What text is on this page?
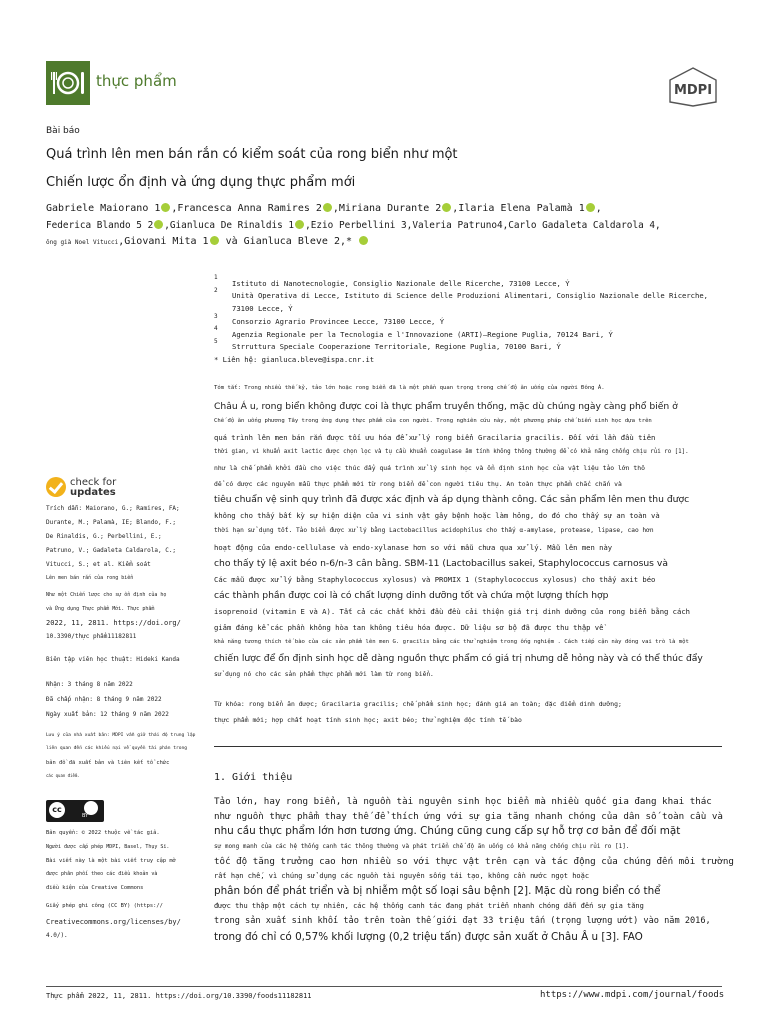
thực phẩm
MDPI
Bài báo
Quá trình lên men bán rắn có kiểm soát của rong biển như một
Chiến lược ổn định và ứng dụng thực phẩm mới
Gabriele Maiorano 1 ,Francesca Anna Ramires 2 ,Miriana Durante 2 ,Ilaria Elena Palamà 1 ,
Federica Blando 5 2 ,Gianluca De Rinaldis 1 ,Ezio Perbellini 3,Valeria Patruno4,Carlo Gadaleta Caldarola 4,
ông già Noel Vitucci,Giovani Mita 1 và Gianluca Bleve 2,*
1
Istituto di Nanotecnologie, Consiglio Nazionale delle Ricerche, 73100 Lecce, Ý
2
Unità Operativa di Lecce, Istituto di Science delle Produzioni Alimentari, Consiglio Nazionale delle Ricerche,
73100 Lecce, Ý
3
Consorzio Agrario Provincee Lecce, 73100 Lecce, Ý
4
Agenzia Regionale per la Tecnologia e l'Innovazione (ARTI)—Regione Puglia, 70124 Bari, Ý
5
Strruttura Speciale Cooperazione Territoriale, Regione Puglia, 70100 Bari, Ý
* Liên hệ: gianluca.bleve@ispa.cnr.it
check for
updates
Trích dẫn: Maiorano, G.; Ramires, FA;
Durante, M.; Palamà, IE; Blando, F.;
De Rinaldis, G.; Perbellini, E.;
Patruno, V.; Gadaleta Caldarola, C.;
Vitucci, S.; et al. Kiểm soát
Lên men bán rắn của rong biển
Như một Chiến lược cho sự ổn định của họ
và Ứng dụng Thực phẩm Mới. Thực phẩm
2022, 11, 2811. https://doi.org/
10.3390/thực phẩm11182811
Biên tập viên học thuật: Hideki Kanda
Nhận: 3 tháng 8 năm 2022
Đã chấp nhận: 8 tháng 9 năm 2022
Ngày xuất bản: 12 tháng 9 năm 2022
Lưu ý của nhà xuất bản: MDPI vẫn giữ thái độ trung lập
liên quan đến các khiếu nại về quyền tài phán trong
bản đồ đã xuất bản và liên kết tổ chức
các quan điểm.
cc
BY
Bản quyền: © 2022 thuộc về tác giả.
Người được cấp phép MDPI, Basel, Thụy Sĩ.
Bài viết này là một bài viết truy cập mở
được phân phối theo các điều khoản và
điều kiện của Creative Commons
Giấy phép ghi công (CC BY) (https://
Creativecommons.org/licenses/by/
4.0/).
Tóm tắt: Trong nhiều thế kỷ, tảo lớn hoặc rong biển đã là một phần quan trọng trong chế độ ăn uống của người Đông Á.
Châu Á u, rong biển không được coi là thực phẩm truyền thống, mặc dù chúng ngày càng phổ biến ở
Chế độ ăn uống phương Tây trong ứng dụng thực phẩm của con người. Trong nghiên cứu này, một phương pháp chế biến sinh học dựa trên
quá trình lên men bán rắn được tối ưu hóa để xử lý rong biển Gracilaria gracilis. Đối với lần đầu tiên
thời gian, vi khuẩn axit lactic được chọn lọc và tụ cầu khuẩn coagulase âm tính không thông thường để có khả năng chống chịu rủi ro [1].
như là chế phẩm khởi đầu cho việc thúc đẩy quá trình xử lý sinh học và ổn định sinh học của vật liệu tảo lớn thô
để có được các nguyên mẫu thực phẩm mới từ rong biển để con người tiêu thụ. An toàn thực phẩm chắc chắn và
tiêu chuẩn vệ sinh quy trình đã được xác định và áp dụng thành công. Các sản phẩm lên men thu được
không cho thấy bất kỳ sự hiện diện của vi sinh vật gây bệnh hoặc làm hỏng, do đó cho thấy sự an toàn và
thời hạn sử dụng tốt. Tảo biển được xử lý bằng Lactobacillus acidophilus cho thấy α-amylase, protease, lipase, cao hơn
hoạt động của endo-cellulase và endo-xylanase hơn so với mẫu chưa qua xử lý. Mẫu lên men này
cho thấy tỷ lệ axit béo n-6/n-3 cân bằng. SBM-11 (Lactobacillus sakei, Staphylococcus carnosus và
Các mẫu được xử lý bằng Staphylococcus xylosus) và PROMIX 1 (Staphylococcus xylosus) cho thấy axit béo
các thành phần được coi là có chất lượng dinh dưỡng tốt và chứa một lượng thích hợp
isoprenoid (vitamin E và A). Tất cả các chất khởi đầu đều cải thiện giá trị dinh dưỡng của rong biển bằng cách
giảm đáng kể các phần không hòa tan không tiêu hóa được. Dữ liệu sơ bộ đã được thu thập về
khả năng tương thích tế bào của các sản phẩm lên men G. gracilis bằng các thử nghiệm trong ống nghiệm . Cách tiếp cận này đóng vai trò là một
chiến lược để ổn định sinh học dễ dàng nguồn thực phẩm có giá trị nhưng dễ hỏng này và có thể thúc đẩy
sử dụng nó cho các sản phẩm thực phẩm mới làm từ rong biển.
Từ khóa: rong biển ăn được; Gracilaria gracilis; chế phẩm sinh học; đánh giá an toàn; đặc điểm dinh dưỡng;
thực phẩm mới; hợp chất hoạt tính sinh học; axit béo; thử nghiệm độc tính tế bào
1. Giới thiệu
Tảo lớn, hay rong biển, là nguồn tài nguyên sinh học biển mà nhiều quốc gia đang khai thác
như nguồn thực phẩm thay thế để thích ứng với sự gia tăng nhanh chóng của dân số toàn cầu và
nhu cầu thực phẩm lớn hơn tương ứng. Chúng cũng cung cấp sự hỗ trợ cơ bản để đối mặt
sự mong manh của các hệ thống canh tác thông thường và phát triển chế độ ăn uống có khả năng chống chịu rủi ro [1].
tốc độ tăng trưởng cao hơn nhiều so với thực vật trên cạn và tác động của chúng đến môi trường
rất hạn chế, vì chúng sử dụng các nguồn tài nguyên sống tái tạo, không cần nước ngọt hoặc
phân bón để phát triển và bị nhiễm một số loại sâu bệnh [2]. Mặc dù rong biển có thể
được thu thập một cách tự nhiên, các hệ thống canh tác đang phát triển nhanh chóng dẫn đến sự gia tăng
trong sản xuất sinh khối tảo trên toàn thế giới đạt 33 triệu tấn (trọng lượng ướt) vào năm 2016,
trong đó chỉ có 0,57% khối lượng (0,2 triệu tấn) được sản xuất ở Châu Â u [3]. FAO
Thực phẩm 2022, 11, 2811. https://doi.org/10.3390/foods11182811	https://www.mdpi.com/journal/foods
